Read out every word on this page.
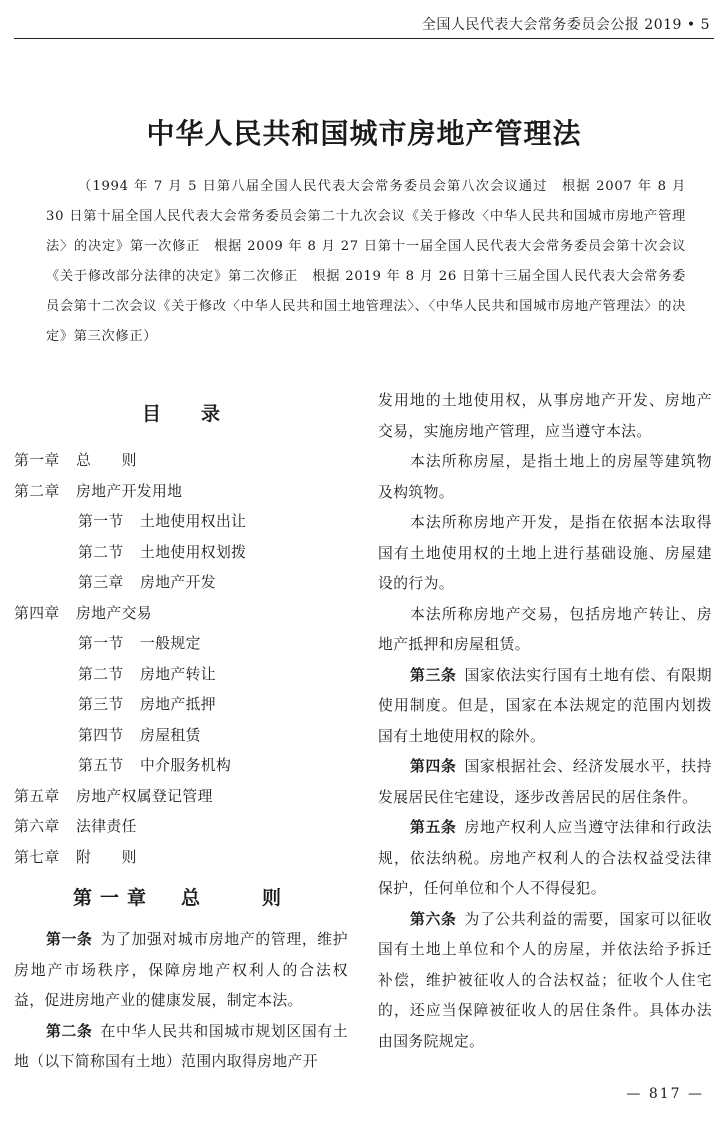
全国人民代表大会常务委员会公报 2019 • 5
中华人民共和国城市房地产管理法
（1994 年 7 月 5 日第八届全国人民代表大会常务委员会第八次会议通过　根据 2007 年 8 月 30 日第十届全国人民代表大会常务委员会第二十九次会议《关于修改〈中华人民共和国城市房地产管理法〉的决定》第一次修正　根据 2009 年 8 月 27 日第十一届全国人民代表大会常务委员会第十次会议《关于修改部分法律的决定》第二次修正　根据 2019 年 8 月 26 日第十三届全国人民代表大会常务委员会第十二次会议《关于修改〈中华人民共和国土地管理法〉、〈中华人民共和国城市房地产管理法〉的决定》第三次修正）
目录
第一章 总　　则
第二章 房地产开发用地
第一节 土地使用权出让
第二节 土地使用权划拨
第三章 房地产开发
第四章 房地产交易
第一节 一般规定
第二节 房地产转让
第三节 房地产抵押
第四节 房屋租赁
第五节 中介服务机构
第五章 房地产权属登记管理
第六章 法律责任
第七章 附　　则
第一章　总　　则

第一条 为了加强对城市房地产的管理，维护房地产市场秩序，保障房地产权利人的合法权益，促进房地产业的健康发展，制定本法。

第二条 在中华人民共和国城市规划区国有土地（以下简称国有土地）范围内取得房地产开

发用地的土地使用权，从事房地产开发、房地产交易，实施房地产管理，应当遵守本法。

本法所称房屋，是指土地上的房屋等建筑物及构筑物。

本法所称房地产开发，是指在依据本法取得国有土地使用权的土地上进行基础设施、房屋建设的行为。

本法所称房地产交易，包括房地产转让、房地产抵押和房屋租赁。

第三条 国家依法实行国有土地有偿、有限期使用制度。但是，国家在本法规定的范围内划拨国有土地使用权的除外。

第四条 国家根据社会、经济发展水平，扶持发展居民住宅建设，逐步改善居民的居住条件。

第五条 房地产权利人应当遵守法律和行政法规，依法纳税。房地产权利人的合法权益受法律保护，任何单位和个人不得侵犯。

第六条 为了公共利益的需要，国家可以征收国有土地上单位和个人的房屋，并依法给予拆迁补偿，维护被征收人的合法权益；征收个人住宅的，还应当保障被征收人的居住条件。具体办法由国务院规定。

— 817 —
